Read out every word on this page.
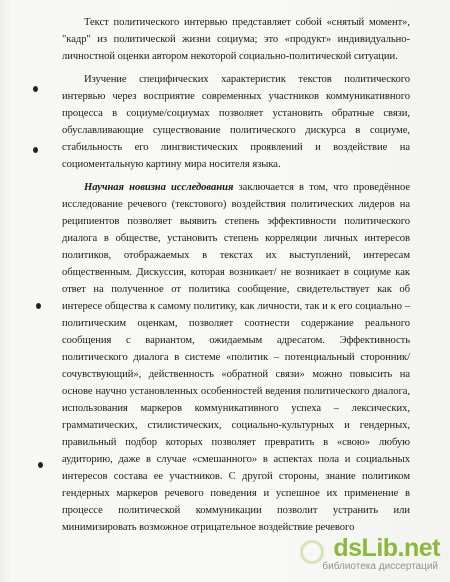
Текст политического интервью представляет собой «снятый момент», "кадр" из политической жизни социума; это «продукт» индивидуально-личностной оценки автором некоторой социально-политической ситуации.

Изучение специфических характеристик текстов политического интервью через восприятие современных участников коммуникативного процесса в социуме/социумах позволяет установить обратные связи, обуславливающие существование политического дискурса в социуме, стабильность его лингвистических проявлений и воздействие на социоментальную картину мира носителя языка.

Научная новизна исследования заключается в том, что проведённое исследование речевого (текстового) воздействия политических лидеров на реципиентов позволяет выявить степень эффективности политического диалога в обществе, установить степень корреляции личных интересов политиков, отображаемых в текстах их выступлений, интересам общественным. Дискуссия, которая возникает/ не возникает в социуме как ответ на полученное от политика сообщение, свидетельствует как об интересе общества к самому политику, как личности, так и к его социально – политическим оценкам, позволяет соотнести содержание реального сообщения с вариантом, ожидаемым адресатом. Эффективность политического диалога в системе «политик – потенциальный сторонник/сочувствующий», действенность «обратной связи» можно повысить на основе научно установленных особенностей ведения политического диалога, использования маркеров коммуникативного успеха – лексических, грамматических, стилистических, социально-культурных и гендерных, правильный подбор которых позволяет превратить в «свою» любую аудиторию, даже в случае «смешанного» в аспектах пола и социальных интересов состава ее участников. С другой стороны, знание политиком гендерных маркеров речевого поведения и успешное их применение в процессе политической коммуникации позволит устранить или минимизировать возможное отрицательное воздействие речевого

dsLib.net
библиотека диссертаций
